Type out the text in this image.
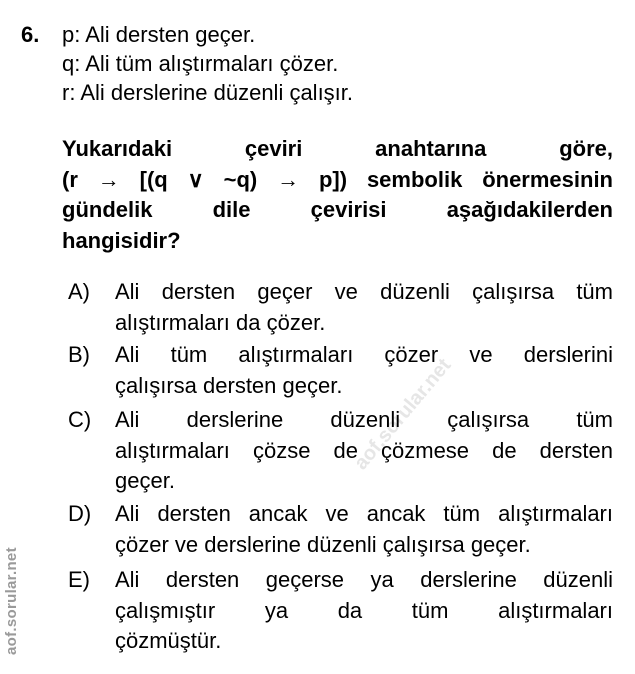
aof.sorular.net
6. p: Ali dersten geçer.
q: Ali tüm alıştırmaları çözer.
r: Ali derslerine düzenli çalışır.
Yukarıdaki çeviri anahtarına göre,
(r → [(q ∨ ~q) → p]) sembolik önermesinin
gündelik dile çevirisi aşağıdakilerden
hangisidir?
A) Ali dersten geçer ve düzenli çalışırsa tüm
alıştırmaları da çözer.
B) Ali tüm alıştırmaları çözer ve derslerini
çalışırsa dersten geçer.
C) Ali derslerine düzenli çalışırsa tüm
alıştırmaları çözse de çözmese de dersten
geçer.
D) Ali dersten ancak ve ancak tüm alıştırmaları
çözer ve derslerine düzenli çalışırsa geçer.
E) Ali dersten geçerse ya derslerine düzenli
çalışmıştır ya da tüm alıştırmaları
çözmüştür.
aof.sorular.net
